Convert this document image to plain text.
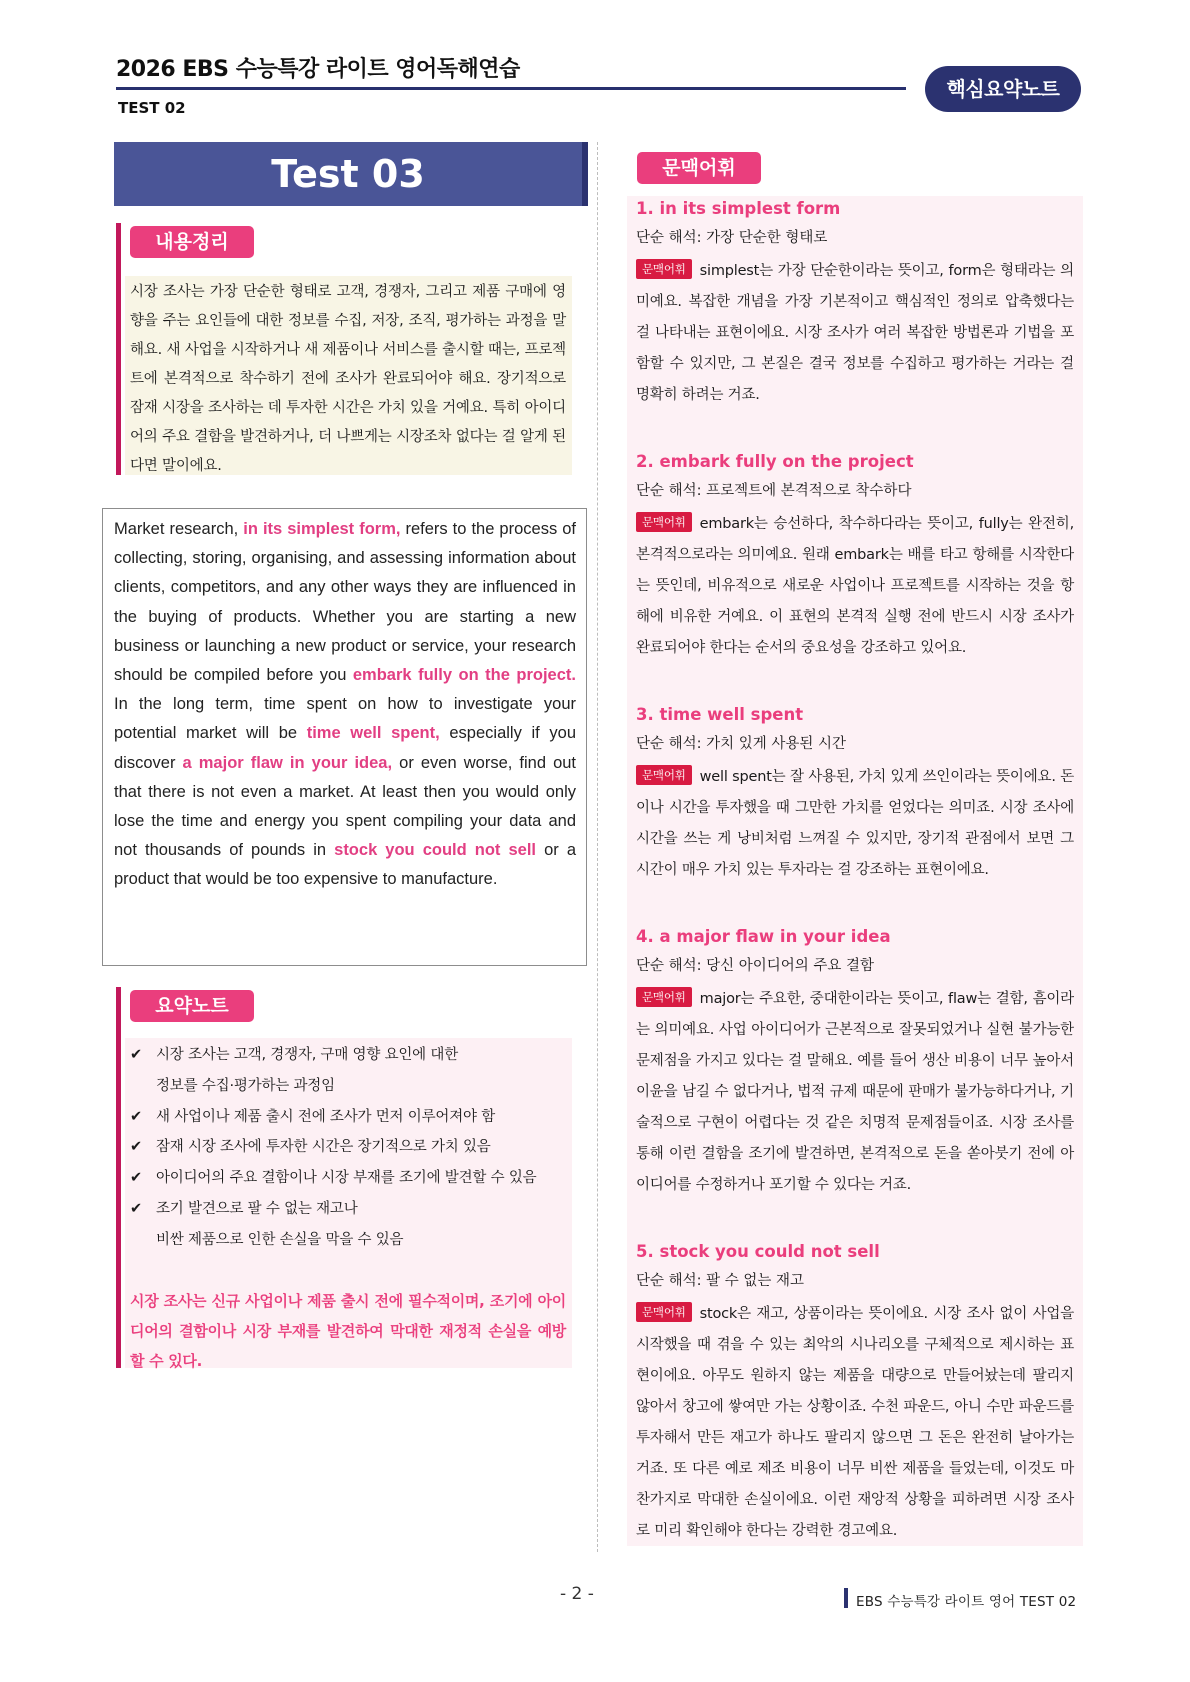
2026 EBS 수능특강 라이트 영어독해연습
TEST 02
핵심요약노트
Test 03
내용정리
시장 조사는 가장 단순한 형태로 고객, 경쟁자, 그리고 제품 구매에 영향을 주는 요인들에 대한 정보를 수집, 저장, 조직, 평가하는 과정을 말해요. 새 사업을 시작하거나 새 제품이나 서비스를 출시할 때는, 프로젝트에 본격적으로 착수하기 전에 조사가 완료되어야 해요. 장기적으로 잠재 시장을 조사하는 데 투자한 시간은 가치 있을 거예요. 특히 아이디어의 주요 결함을 발견하거나, 더 나쁘게는 시장조차 없다는 걸 알게 된다면 말이에요.
Market research, in its simplest form, refers to the process of collecting, storing, organising, and assessing information about clients, competitors, and any other ways they are influenced in the buying of products. Whether you are starting a new business or launching a new product or service, your research should be compiled before you embark fully on the project. In the long term, time spent on how to investigate your potential market will be time well spent, especially if you discover a major flaw in your idea, or even worse, find out that there is not even a market. At least then you would only lose the time and energy you spent compiling your data and not thousands of pounds in stock you could not sell or a product that would be too expensive to manufacture.
요약노트
✔ 시장 조사는 고객, 경쟁자, 구매 영향 요인에 대한
정보를 수집·평가하는 과정임
✔ 새 사업이나 제품 출시 전에 조사가 먼저 이루어져야 함
✔ 잠재 시장 조사에 투자한 시간은 장기적으로 가치 있음
✔ 아이디어의 주요 결함이나 시장 부재를 조기에 발견할 수 있음
✔ 조기 발견으로 팔 수 없는 재고나
비싼 제품으로 인한 손실을 막을 수 있음
시장 조사는 신규 사업이나 제품 출시 전에 필수적이며, 조기에 아이디어의 결함이나 시장 부재를 발견하여 막대한 재정적 손실을 예방할 수 있다.
문맥어휘
1. in its simplest form
단순 해석: 가장 단순한 형태로
문맥어휘 simplest는 가장 단순한이라는 뜻이고, form은 형태라는 의미예요. 복잡한 개념을 가장 기본적이고 핵심적인 정의로 압축했다는 걸 나타내는 표현이에요. 시장 조사가 여러 복잡한 방법론과 기법을 포함할 수 있지만, 그 본질은 결국 정보를 수집하고 평가하는 거라는 걸 명확히 하려는 거죠.
2. embark fully on the project
단순 해석: 프로젝트에 본격적으로 착수하다
문맥어휘 embark는 승선하다, 착수하다라는 뜻이고, fully는 완전히, 본격적으로라는 의미예요. 원래 embark는 배를 타고 항해를 시작한다는 뜻인데, 비유적으로 새로운 사업이나 프로젝트를 시작하는 것을 항해에 비유한 거예요. 이 표현의 본격적 실행 전에 반드시 시장 조사가 완료되어야 한다는 순서의 중요성을 강조하고 있어요.
3. time well spent
단순 해석: 가치 있게 사용된 시간
문맥어휘 well spent는 잘 사용된, 가치 있게 쓰인이라는 뜻이에요. 돈이나 시간을 투자했을 때 그만한 가치를 얻었다는 의미죠. 시장 조사에 시간을 쓰는 게 낭비처럼 느껴질 수 있지만, 장기적 관점에서 보면 그 시간이 매우 가치 있는 투자라는 걸 강조하는 표현이에요.
4. a major flaw in your idea
단순 해석: 당신 아이디어의 주요 결함
문맥어휘 major는 주요한, 중대한이라는 뜻이고, flaw는 결함, 흠이라는 의미예요. 사업 아이디어가 근본적으로 잘못되었거나 실현 불가능한 문제점을 가지고 있다는 걸 말해요. 예를 들어 생산 비용이 너무 높아서 이윤을 남길 수 없다거나, 법적 규제 때문에 판매가 불가능하다거나, 기술적으로 구현이 어렵다는 것 같은 치명적 문제점들이죠. 시장 조사를 통해 이런 결함을 조기에 발견하면, 본격적으로 돈을 쏟아붓기 전에 아이디어를 수정하거나 포기할 수 있다는 거죠.
5. stock you could not sell
단순 해석: 팔 수 없는 재고
문맥어휘 stock은 재고, 상품이라는 뜻이에요. 시장 조사 없이 사업을 시작했을 때 겪을 수 있는 최악의 시나리오를 구체적으로 제시하는 표현이에요. 아무도 원하지 않는 제품을 대량으로 만들어놨는데 팔리지 않아서 창고에 쌓여만 가는 상황이죠. 수천 파운드, 아니 수만 파운드를 투자해서 만든 재고가 하나도 팔리지 않으면 그 돈은 완전히 날아가는 거죠. 또 다른 예로 제조 비용이 너무 비싼 제품을 들었는데, 이것도 마찬가지로 막대한 손실이에요. 이런 재앙적 상황을 피하려면 시장 조사로 미리 확인해야 한다는 강력한 경고예요.
- 2 -	EBS 수능특강 라이트 영어 TEST 02
